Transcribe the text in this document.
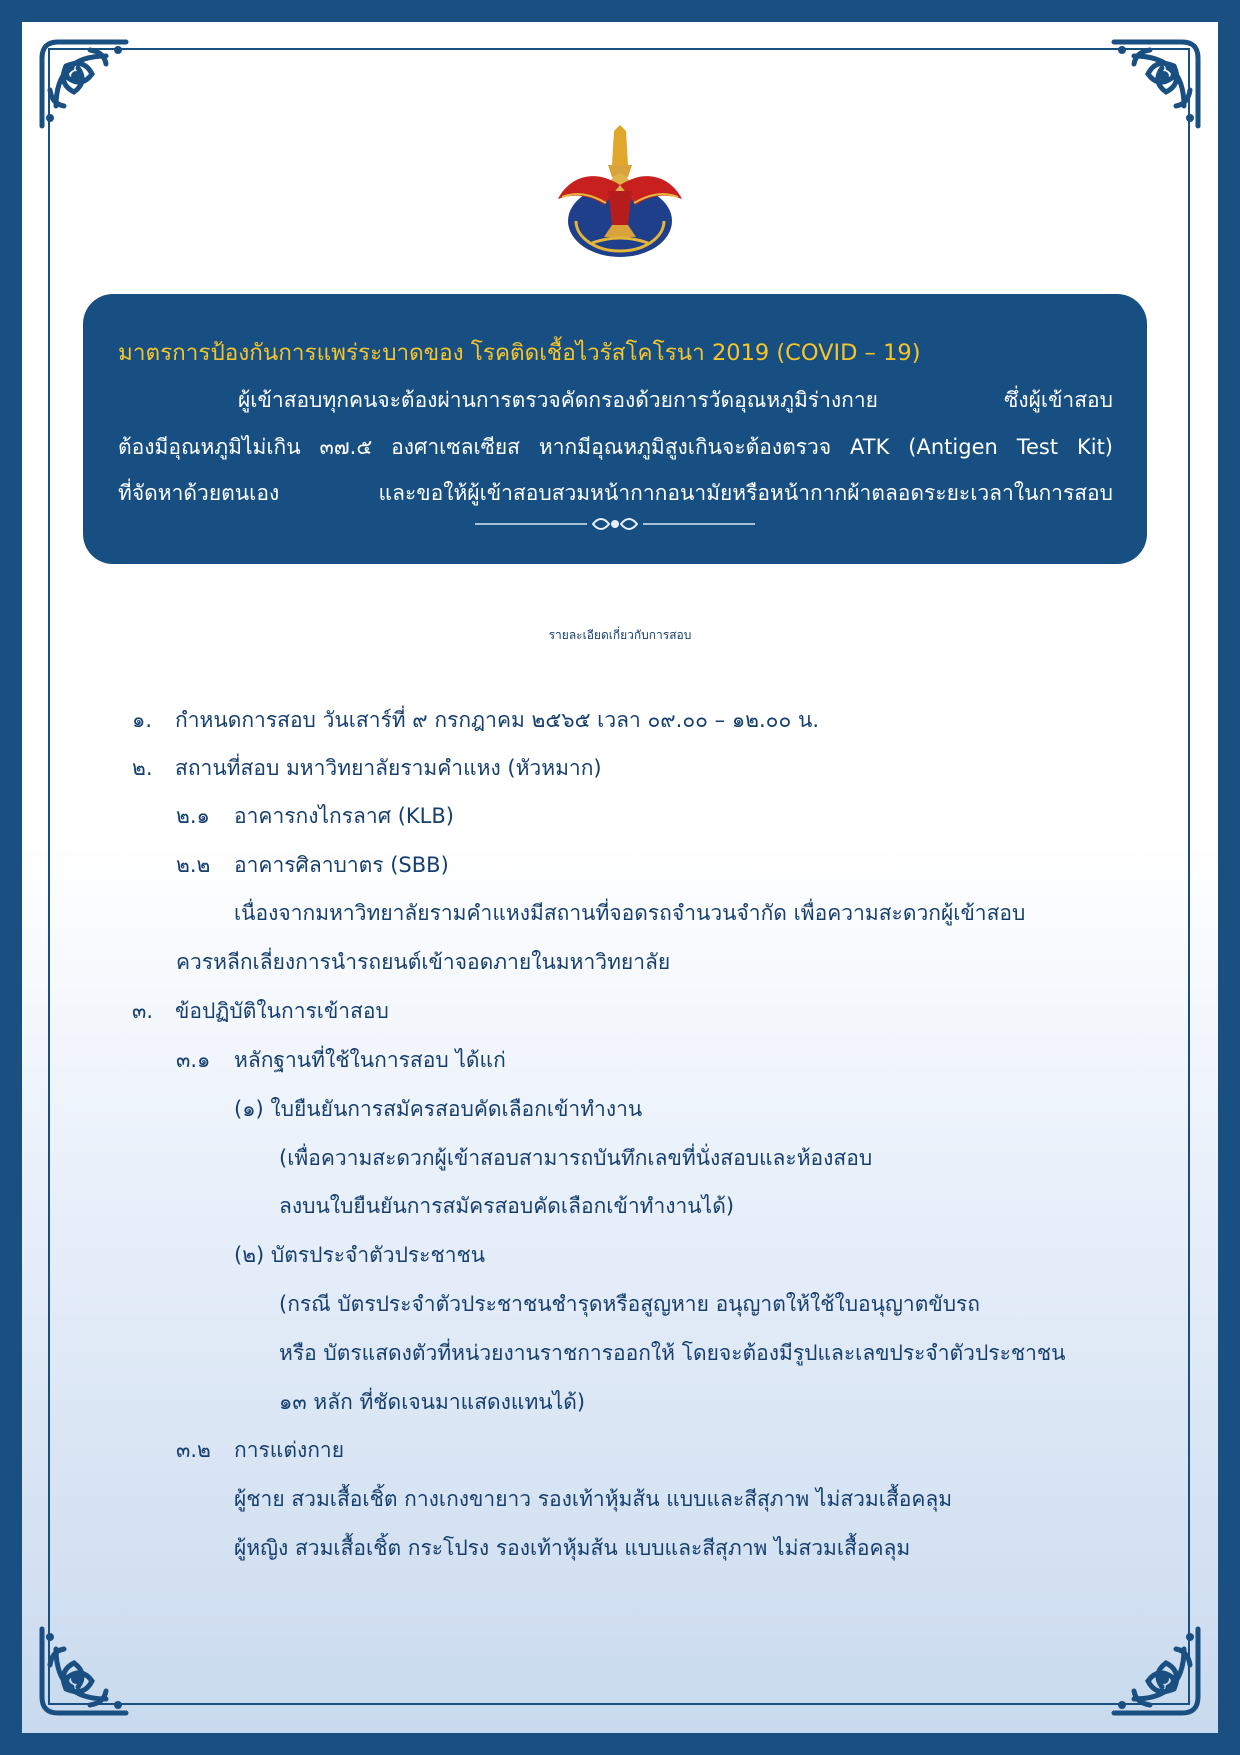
มาตรการป้องกันการแพร่ระบาดของ โรคติดเชื้อไวรัสโคโรนา 2019 (COVID – 19)
ผู้เข้าสอบทุกคนจะต้องผ่านการตรวจคัดกรองด้วยการวัดอุณหภูมิร่างกาย ซึ่งผู้เข้าสอบ
ต้องมีอุณหภูมิไม่เกิน ๓๗.๕ องศาเซลเซียส หากมีอุณหภูมิสูงเกินจะต้องตรวจ ATK (Antigen Test Kit)
ที่จัดหาด้วยตนเอง และขอให้ผู้เข้าสอบสวมหน้ากากอนามัยหรือหน้ากากผ้าตลอดระยะเวลาในการสอบ
รายละเอียดเกี่ยวกับการสอบ
๑. กำหนดการสอบ วันเสาร์ที่ ๙ กรกฎาคม ๒๕๖๕ เวลา ๐๙.๐๐ – ๑๒.๐๐ น.
๒. สถานที่สอบ มหาวิทยาลัยรามคำแหง (หัวหมาก)
๒.๑ อาคารกงไกรลาศ (KLB)
๒.๒ อาคารศิลาบาตร (SBB)
เนื่องจากมหาวิทยาลัยรามคำแหงมีสถานที่จอดรถจำนวนจำกัด เพื่อความสะดวกผู้เข้าสอบ
ควรหลีกเลี่ยงการนำรถยนต์เข้าจอดภายในมหาวิทยาลัย
๓. ข้อปฏิบัติในการเข้าสอบ
๓.๑ หลักฐานที่ใช้ในการสอบ ได้แก่
(๑) ใบยืนยันการสมัครสอบคัดเลือกเข้าทำงาน
(เพื่อความสะดวกผู้เข้าสอบสามารถบันทึกเลขที่นั่งสอบและห้องสอบ
ลงบนใบยืนยันการสมัครสอบคัดเลือกเข้าทำงานได้)
(๒) บัตรประจำตัวประชาชน
(กรณี บัตรประจำตัวประชาชนชำรุดหรือสูญหาย อนุญาตให้ใช้ใบอนุญาตขับรถ
หรือ บัตรแสดงตัวที่หน่วยงานราชการออกให้ โดยจะต้องมีรูปและเลขประจำตัวประชาชน
๑๓ หลัก ที่ชัดเจนมาแสดงแทนได้)
๓.๒ การแต่งกาย
ผู้ชาย สวมเสื้อเชิ้ต กางเกงขายาว รองเท้าหุ้มส้น แบบและสีสุภาพ ไม่สวมเสื้อคลุม
ผู้หญิง สวมเสื้อเชิ้ต กระโปรง รองเท้าหุ้มส้น แบบและสีสุภาพ ไม่สวมเสื้อคลุม
